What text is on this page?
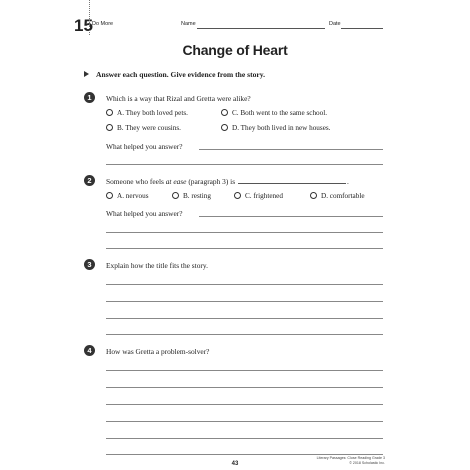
15 Do More	Name	Date
Change of Heart
Answer each question. Give evidence from the story.
1	Which is a way that Rizal and Gretta were alike?
A. They both loved pets.	C. Both went to the same school.
B. They were cousins.	D. They both lived in new houses.
What helped you answer?
2	Someone who feels at ease (paragraph 3) is	.
A. nervous	B. resting	C. frightened	D. comfortable
What helped you answer?
3	Explain how the title fits the story.
4	How was Gretta a problem-solver?
Literary Passages: Close Reading Grade 3
© 2018 Scholastic Inc.
43
